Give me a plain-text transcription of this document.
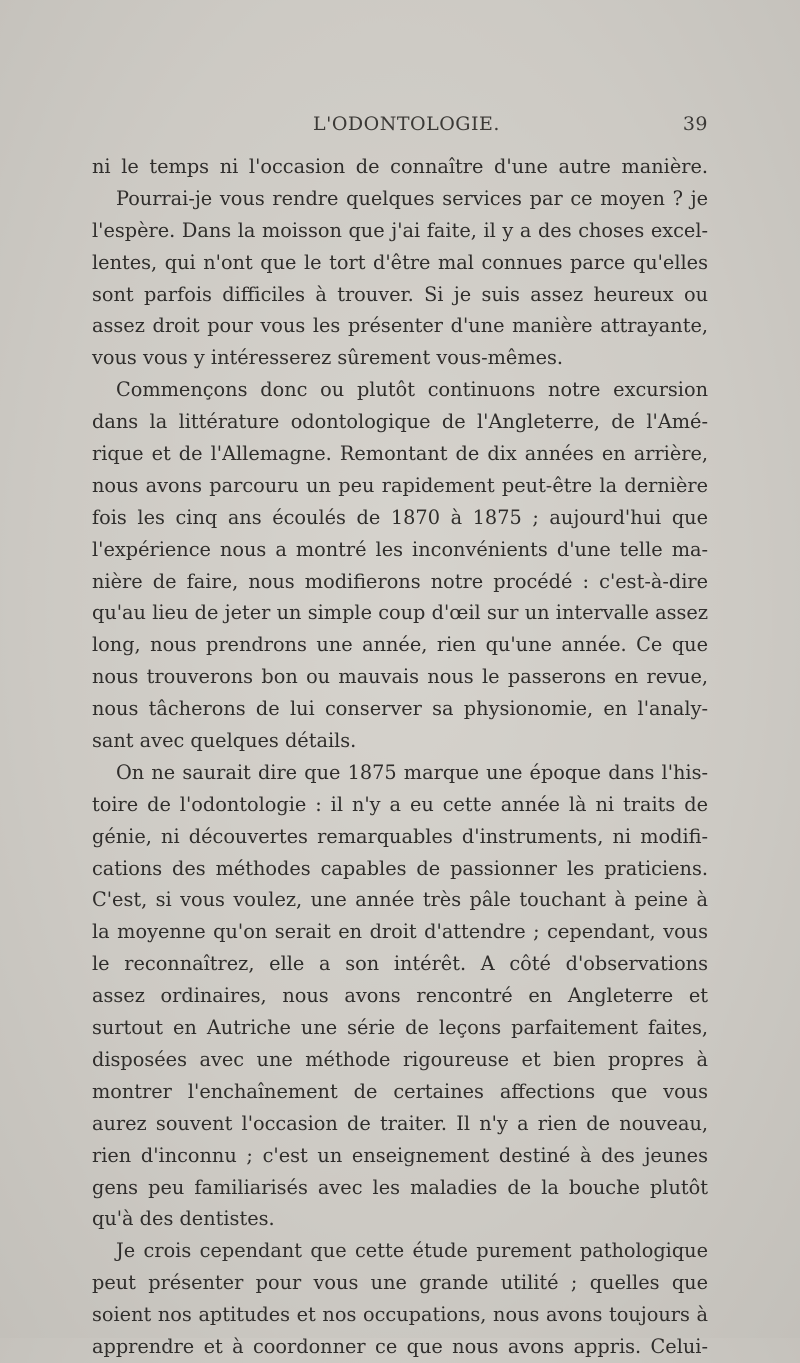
L'ODONTOLOGIE.	39
ni le temps ni l'occasion de connaître d'une autre manière.
Pourrai-je vous rendre quelques services par ce moyen ? je
l'espère. Dans la moisson que j'ai faite, il y a des choses excel-
lentes, qui n'ont que le tort d'être mal connues parce qu'elles
sont parfois difficiles à trouver. Si je suis assez heureux ou
assez droit pour vous les présenter d'une manière attrayante,
vous vous y intéresserez sûrement vous-mêmes.
Commençons donc ou plutôt continuons notre excursion
dans la littérature odontologique de l'Angleterre, de l'Amé-
rique et de l'Allemagne. Remontant de dix années en arrière,
nous avons parcouru un peu rapidement peut-être la dernière
fois les cinq ans écoulés de 1870 à 1875 ; aujourd'hui que
l'expérience nous a montré les inconvénients d'une telle ma-
nière de faire, nous modifierons notre procédé : c'est-à-dire
qu'au lieu de jeter un simple coup d'œil sur un intervalle assez
long, nous prendrons une année, rien qu'une année. Ce que
nous trouverons bon ou mauvais nous le passerons en revue,
nous tâcherons de lui conserver sa physionomie, en l'analy-
sant avec quelques détails.
On ne saurait dire que 1875 marque une époque dans l'his-
toire de l'odontologie : il n'y a eu cette année là ni traits de
génie, ni découvertes remarquables d'instruments, ni modifi-
cations des méthodes capables de passionner les praticiens.
C'est, si vous voulez, une année très pâle touchant à peine à
la moyenne qu'on serait en droit d'attendre ; cependant, vous
le reconnaîtrez, elle a son intérêt. A côté d'observations
assez ordinaires, nous avons rencontré en Angleterre et
surtout en Autriche une série de leçons parfaitement faites,
disposées avec une méthode rigoureuse et bien propres à
montrer l'enchaînement de certaines affections que vous
aurez souvent l'occasion de traiter. Il n'y a rien de nouveau,
rien d'inconnu ; c'est un enseignement destiné à des jeunes
gens peu familiarisés avec les maladies de la bouche plutôt
qu'à des dentistes.
Je crois cependant que cette étude purement pathologique
peut présenter pour vous une grande utilité ; quelles que
soient nos aptitudes et nos occupations, nous avons toujours à
apprendre et à coordonner ce que nous avons appris. Celui-
